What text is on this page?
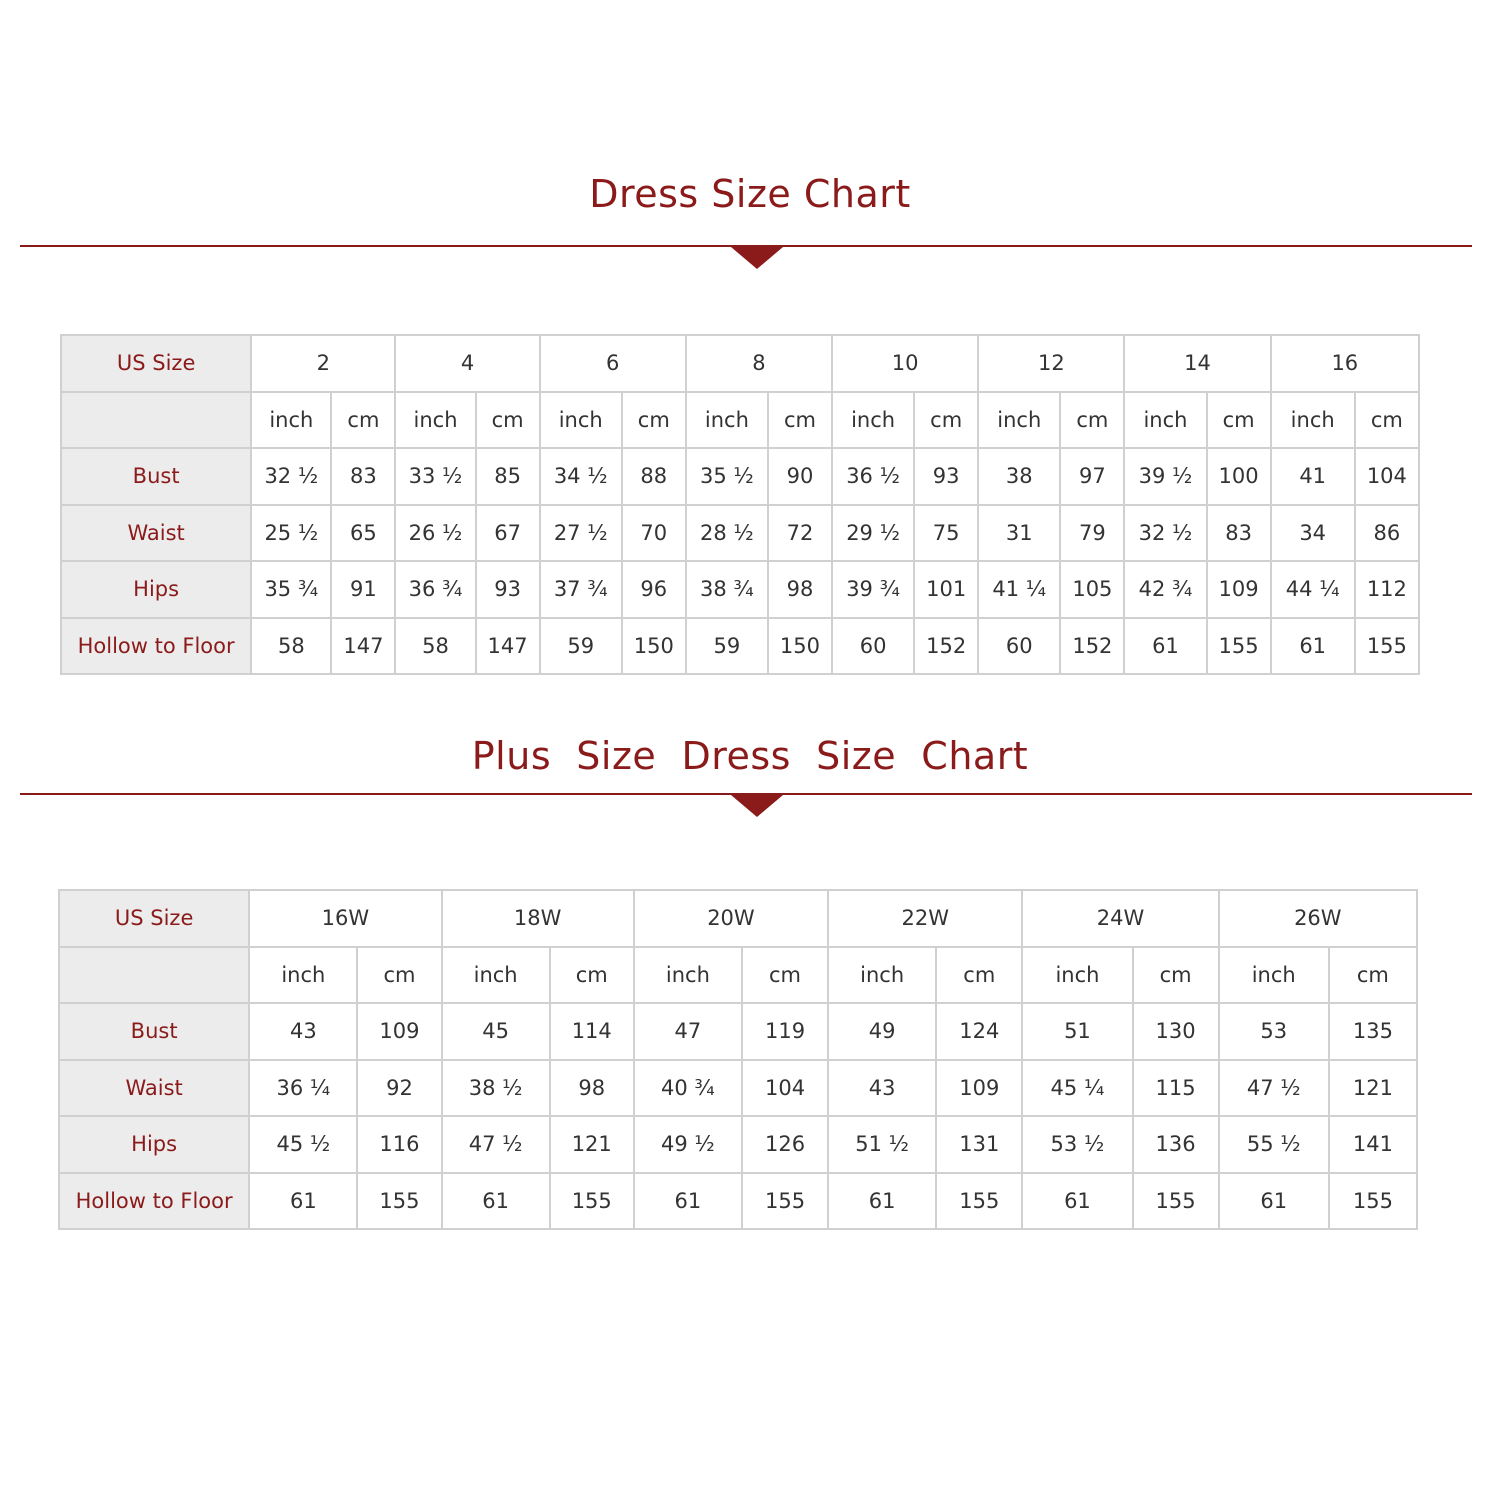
Dress Size Chart
US Size	2		4		6		8		10		12		14		16	
	inch	cm	inch	cm	inch	cm	inch	cm	inch	cm	inch	cm	inch	cm	inch	cm
Bust	32 ½	83	33 ½	85	34 ½	88	35 ½	90	36 ½	93	38	97	39 ½	100	41	104
Waist	25 ½	65	26 ½	67	27 ½	70	28 ½	72	29 ½	75	31	79	32 ½	83	34	86
Hips	35 ¾	91	36 ¾	93	37 ¾	96	38 ¾	98	39 ¾	101	41 ¼	105	42 ¾	109	44 ¼	112
Hollow to Floor	58	147	58	147	59	150	59	150	60	152	60	152	61	155	61	155
Plus  Size  Dress  Size  Chart
US Size	16W		18W		20W		22W		24W		26W	
	inch	cm	inch	cm	inch	cm	inch	cm	inch	cm	inch	cm
Bust	43	109	45	114	47	119	49	124	51	130	53	135
Waist	36 ¼	92	38 ½	98	40 ¾	104	43	109	45 ¼	115	47 ½	121
Hips	45 ½	116	47 ½	121	49 ½	126	51 ½	131	53 ½	136	55 ½	141
Hollow to Floor	61	155	61	155	61	155	61	155	61	155	61	155
